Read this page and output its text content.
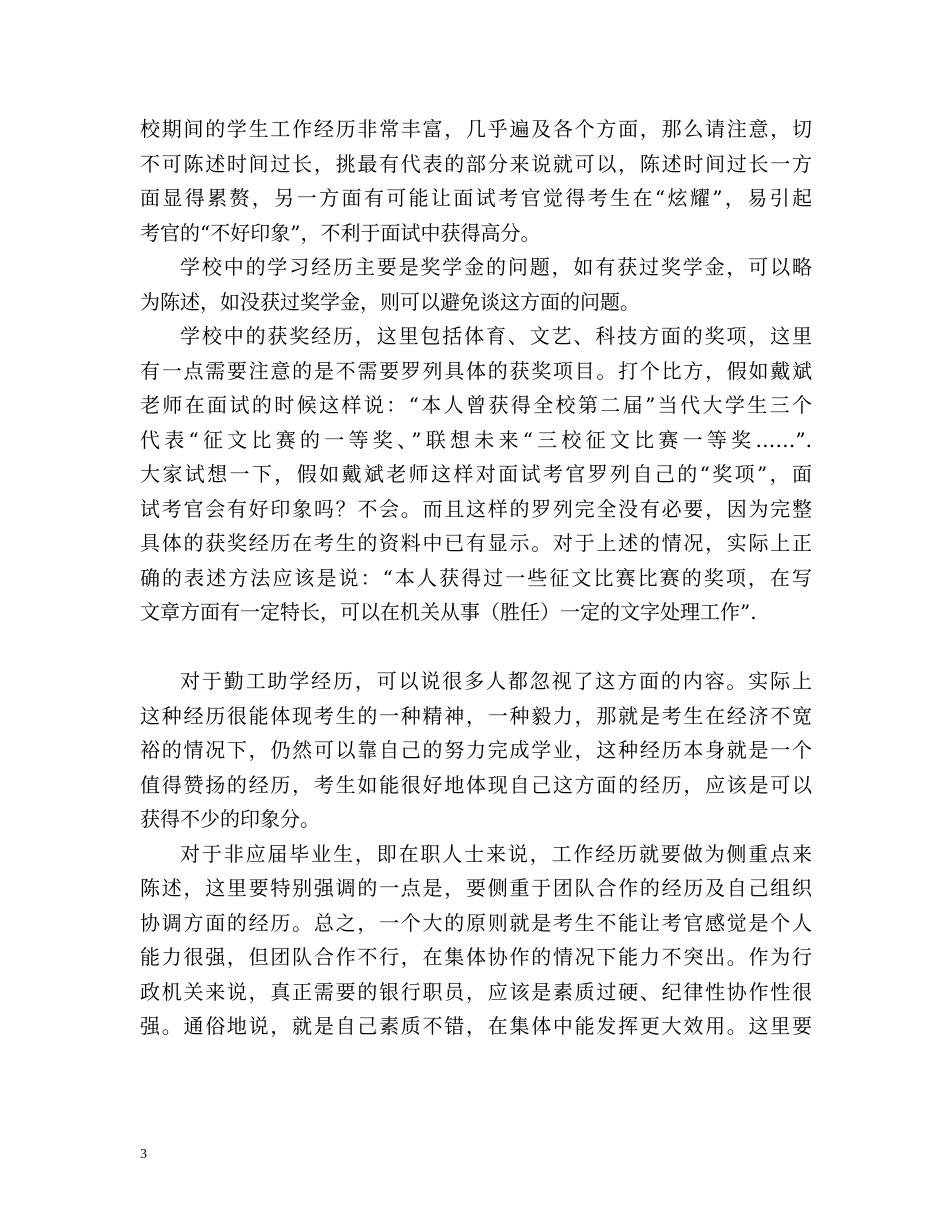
校期间的学生工作经历非常丰富，几乎遍及各个方面，那么请注意，切
不可陈述时间过长，挑最有代表的部分来说就可以，陈述时间过长一方
面显得累赘，另一方面有可能让面试考官觉得考生在“炫耀”，易引起
考官的“不好印象”，不利于面试中获得高分。
学校中的学习经历主要是奖学金的问题，如有获过奖学金，可以略
为陈述，如没获过奖学金，则可以避免谈这方面的问题。
学校中的获奖经历，这里包括体育、文艺、科技方面的奖项，这里
有一点需要注意的是不需要罗列具体的获奖项目。打个比方，假如戴斌
老师在面试的时候这样说：“本人曾获得全校第二届”当代大学生三个
代表“征文比赛的一等奖、”联想未来“三校征文比赛一等奖……”.
大家试想一下，假如戴斌老师这样对面试考官罗列自己的“奖项”，面
试考官会有好印象吗？不会。而且这样的罗列完全没有必要，因为完整
具体的获奖经历在考生的资料中已有显示。对于上述的情况，实际上正
确的表述方法应该是说：“本人获得过一些征文比赛比赛的奖项，在写
文章方面有一定特长，可以在机关从事（胜任）一定的文字处理工作”.
对于勤工助学经历，可以说很多人都忽视了这方面的内容。实际上
这种经历很能体现考生的一种精神，一种毅力，那就是考生在经济不宽
裕的情况下，仍然可以靠自己的努力完成学业，这种经历本身就是一个
值得赞扬的经历，考生如能很好地体现自己这方面的经历，应该是可以
获得不少的印象分。
对于非应届毕业生，即在职人士来说，工作经历就要做为侧重点来
陈述，这里要特别强调的一点是，要侧重于团队合作的经历及自己组织
协调方面的经历。总之，一个大的原则就是考生不能让考官感觉是个人
能力很强，但团队合作不行，在集体协作的情况下能力不突出。作为行
政机关来说，真正需要的银行职员，应该是素质过硬、纪律性协作性很
强。通俗地说，就是自己素质不错，在集体中能发挥更大效用。这里要
3
